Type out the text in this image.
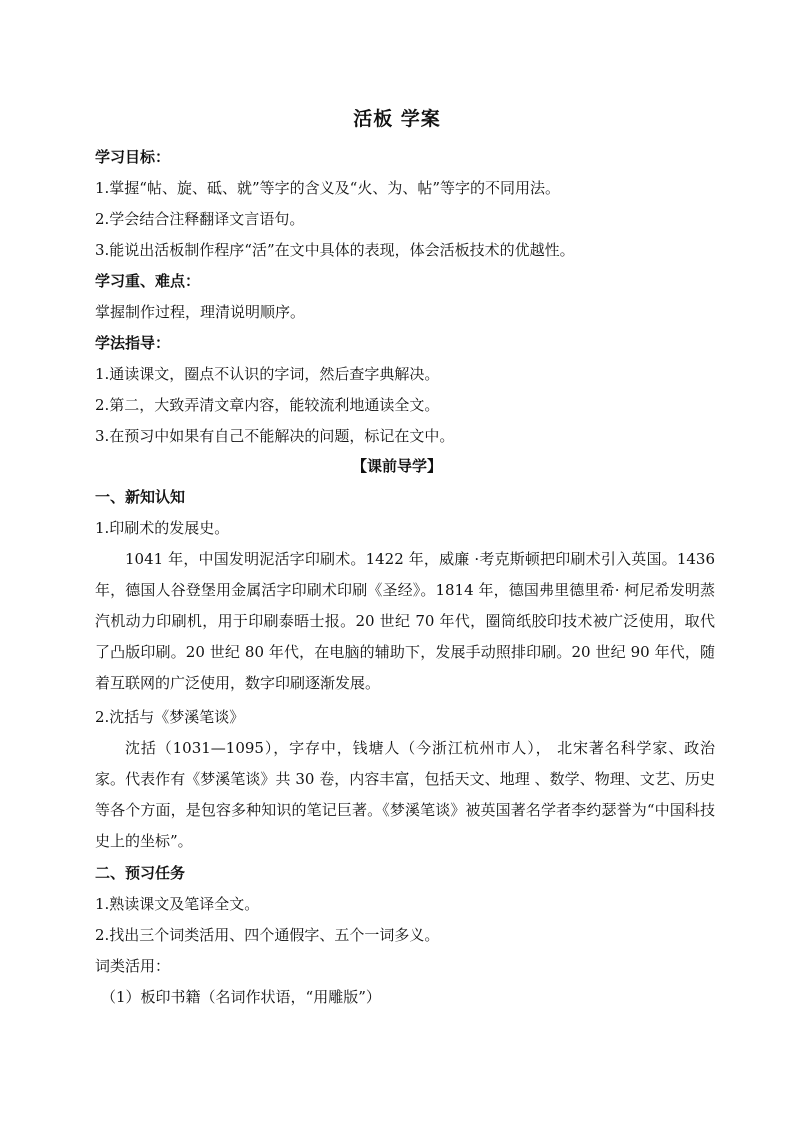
活板 学案
学习目标：
1.掌握“帖、旋、砥、就”等字的含义及“火、为、帖”等字的不同用法。
2.学会结合注释翻译文言语句。
3.能说出活板制作程序“活”在文中具体的表现，体会活板技术的优越性。
学习重、难点：
掌握制作过程，理清说明顺序。
学法指导：
1.通读课文，圈点不认识的字词，然后查字典解决。
2.第二，大致弄清文章内容，能较流利地通读全文。
3.在预习中如果有自己不能解决的问题，标记在文中。
【课前导学】
一、新知认知
1.印刷术的发展史。
1041 年，中国发明泥活字印刷术。1422 年，威廉 ·考克斯顿把印刷术引入英国。1436 年，德国人谷登堡用金属活字印刷术印刷《圣经》。1814 年，德国弗里德里希· 柯尼希发明蒸汽机动力印刷机，用于印刷泰晤士报。20 世纪 70 年代，圈筒纸胶印技术被广泛使用，取代了凸版印刷。20 世纪 80 年代，在电脑的辅助下，发展手动照排印刷。20 世纪 90 年代，随着互联网的广泛使用，数字印刷逐渐发展。
2.沈括与《梦溪笔谈》
沈括（1031—1095），字存中，钱塘人（今浙江杭州市人）， 北宋著名科学家、政治家。代表作有《梦溪笔谈》共 30 卷，内容丰富，包括天文、地理 、数学、物理、文艺、历史等各个方面，是包容多种知识的笔记巨著。《梦溪笔谈》被英国著名学者李约瑟誉为“中国科技史上的坐标”。
二、预习任务
1.熟读课文及笔译全文。
2.找出三个词类活用、四个通假字、五个一词多义。
词类活用：
（1）板印书籍（名词作状语，“用雕版”）
